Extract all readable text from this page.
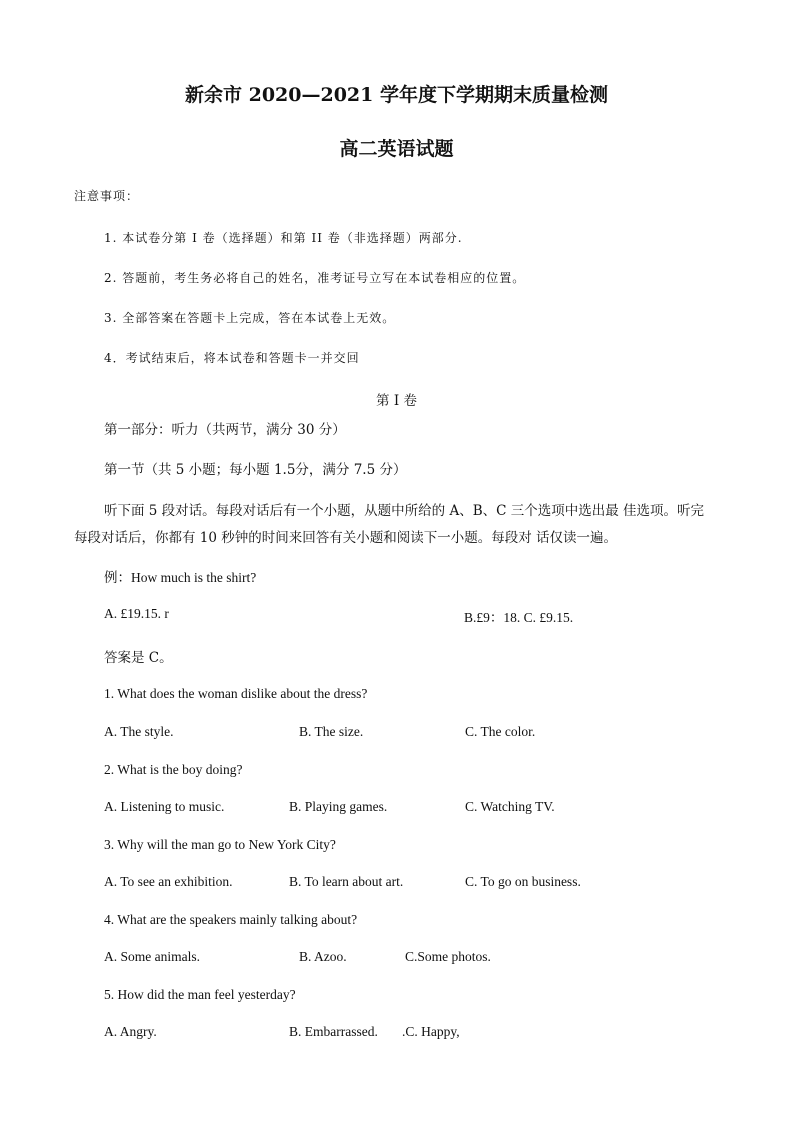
新余市 2020—2021 学年度下学期期末质量检测
高二英语试题
注意事项：
1. 本试卷分第 I 卷（选择题）和第 II 卷（非选择题）两部分.
2. 答题前，考生务必将自己的姓名，准考证号立写在本试卷相应的位置。
3. 全部答案在答题卡上完成，答在本试卷上无效。
4．考试结束后，将本试卷和答题卡一并交回
第 I 卷
第一部分：听力（共两节，满分 30 分）
第一节（共 5 小题；每小题 1.5分，满分 7.5 分）
听下面 5 段对话。每段对话后有一个小题，从题中所给的 A、B、C 三个选项中选出最 佳选项。听完
每段对话后，你都有 10 秒钟的时间来回答有关小题和阅读下一小题。每段对 话仅读一遍。
例：How much is the shirt?
A. £19.15. r	B.£9：18. C. £9.15.
答案是 C。
1. What does the woman dislike about the dress?
A. The style.	B. The size.	C. The color.
2. What is the boy doing?
A. Listening to music.	B. Playing games.	C. Watching TV.
3. Why will the man go to New York City?
A. To see an exhibition.	B. To learn about art.	C. To go on business.
4. What are the speakers mainly talking about?
A. Some animals.	B. Azoo.	C.Some photos.
5. How did the man feel yesterday?
A. Angry.	B. Embarrassed. .C. Happy,
